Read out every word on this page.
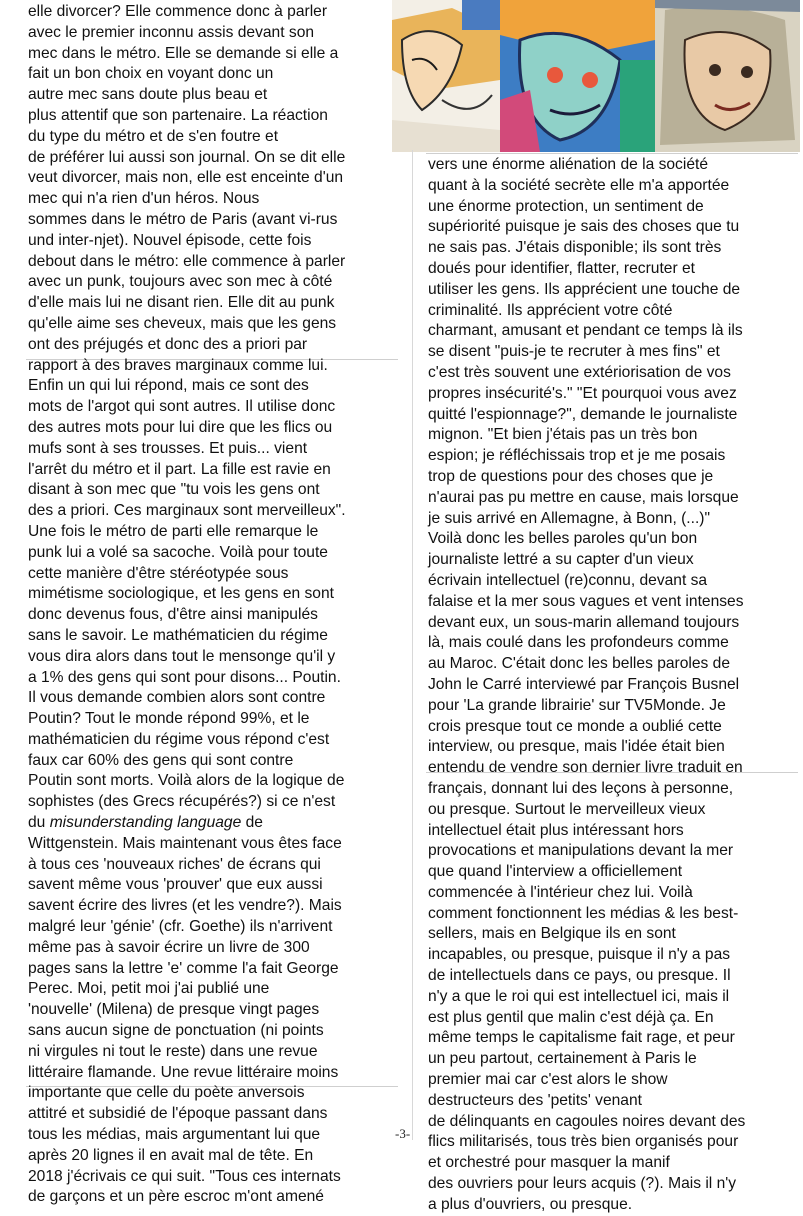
elle divorcer? Elle commence donc à parler
avec le premier inconnu assis devant son
mec dans le métro. Elle se demande si elle a
fait un bon choix en voyant donc un
autre mec sans doute plus beau et
plus attentif que son partenaire. La réaction
du type du métro et de s'en foutre et
de préférer lui aussi son journal. On se dit elle
veut divorcer, mais non, elle est enceinte d'un
mec qui n'a rien d'un héros. Nous
sommes dans le métro de Paris (avant vi-rus
und inter-njet). Nouvel épisode, cette fois
debout dans le métro: elle commence à parler
avec un punk, toujours avec son mec à côté
d'elle mais lui ne disant rien. Elle dit au punk
qu'elle aime ses cheveux, mais que les gens
ont des préjugés et donc des a priori par
rapport à des braves marginaux comme lui.
Enfin un qui lui répond, mais ce sont des
mots de l'argot qui sont autres. Il utilise donc
des autres mots pour lui dire que les flics ou
mufs sont à ses trousses. Et puis... vient
l'arrêt du métro et il part. La fille est ravie en
disant à son mec que "tu vois les gens ont
des a priori. Ces marginaux sont merveilleux".
Une fois le métro de parti elle remarque le
punk lui a volé sa sacoche. Voilà pour toute
cette manière d'être stéréotypée sous
mimétisme sociologique, et les gens en sont
donc devenus fous, d'être ainsi manipulés
sans le savoir. Le mathématicien du régime
vous dira alors dans tout le mensonge qu'il y
a 1% des gens qui sont pour disons... Poutin.
Il vous demande combien alors sont contre
Poutin? Tout le monde répond 99%, et le
mathématicien du régime vous répond c'est
faux car 60% des gens qui sont contre
Poutin sont morts. Voilà alors de la logique de
sophistes (des Grecs récupérés?) si ce n'est
du misunderstanding language de
Wittgenstein. Mais maintenant vous êtes face
à tous ces 'nouveaux riches' de écrans qui
savent même vous 'prouver' que eux aussi
savent écrire des livres (et les vendre?). Mais
malgré leur 'génie' (cfr. Goethe) ils n'arrivent
même pas à savoir écrire un livre de 300
pages sans la lettre 'e' comme l'a fait George
Perec. Moi, petit moi j'ai publié une
'nouvelle' (Milena) de presque vingt pages
sans aucun signe de ponctuation (ni points
ni virgules ni tout le reste) dans une revue
littéraire flamande. Une revue littéraire moins
importante que celle du poète anversois
attitré et subsidié de l'époque passant dans
tous les médias, mais argumentant lui que
après 20 lignes il en avait mal de tête. En
2018 j'écrivais ce qui suit. "Tous ces internats
de garçons et un père escroc m'ont amené
vers une énorme aliénation de la société
quant à la société secrète elle m'a apportée
une énorme protection, un sentiment de
supériorité puisque je sais des choses que tu
ne sais pas. J'étais disponible; ils sont très
doués pour identifier, flatter, recruter et
utiliser les gens. Ils apprécient une touche de
criminalité. Ils apprécient votre côté
charmant, amusant et pendant ce temps là ils
se disent "puis-je te recruter à mes fins" et
c'est très souvent une extériorisation de vos
propres insécurité's." "Et pourquoi vous avez
quitté l'espionnage?", demande le journaliste
mignon. "Et bien j'étais pas un très bon
espion; je réfléchissais trop et je me posais
trop de questions pour des choses que je
n'aurai pas pu mettre en cause, mais lorsque
je suis arrivé en Allemagne, à Bonn, (...)"
Voilà donc les belles paroles qu'un bon
journaliste lettré a su capter d'un vieux
écrivain intellectuel (re)connu, devant sa
falaise et la mer sous vagues et vent intenses
devant eux, un sous-marin allemand toujours
là, mais coulé dans les profondeurs comme
au Maroc. C'était donc les belles paroles de
John le Carré interviewé par François Busnel
pour 'La grande librairie' sur TV5Monde. Je
crois presque tout ce monde a oublié cette
interview, ou presque, mais l'idée était bien
entendu de vendre son dernier livre traduit en
français, donnant lui des leçons à personne,
ou presque. Surtout le merveilleux vieux
intellectuel était plus intéressant hors
provocations et manipulations devant la mer
que quand l'interview a officiellement
commencée à l'intérieur chez lui. Voilà
comment fonctionnent les médias & les best-
sellers, mais en Belgique ils en sont
incapables, ou presque, puisque il n'y a pas
de intellectuels dans ce pays, ou presque. Il
n'y a que le roi qui est intellectuel ici, mais il
est plus gentil que malin c'est déjà ça. En
même temps le capitalisme fait rage, et peur
un peu partout, certainement à Paris le
premier mai car c'est alors le show
destructeurs des 'petits' venant
de délinquants en cagoules noires devant des
flics militarisés, tous très bien organisés pour
et orchestré pour masquer la manif
des ouvriers pour leurs acquis (?). Mais il n'y
a plus d'ouvriers, ou presque.
-3-
